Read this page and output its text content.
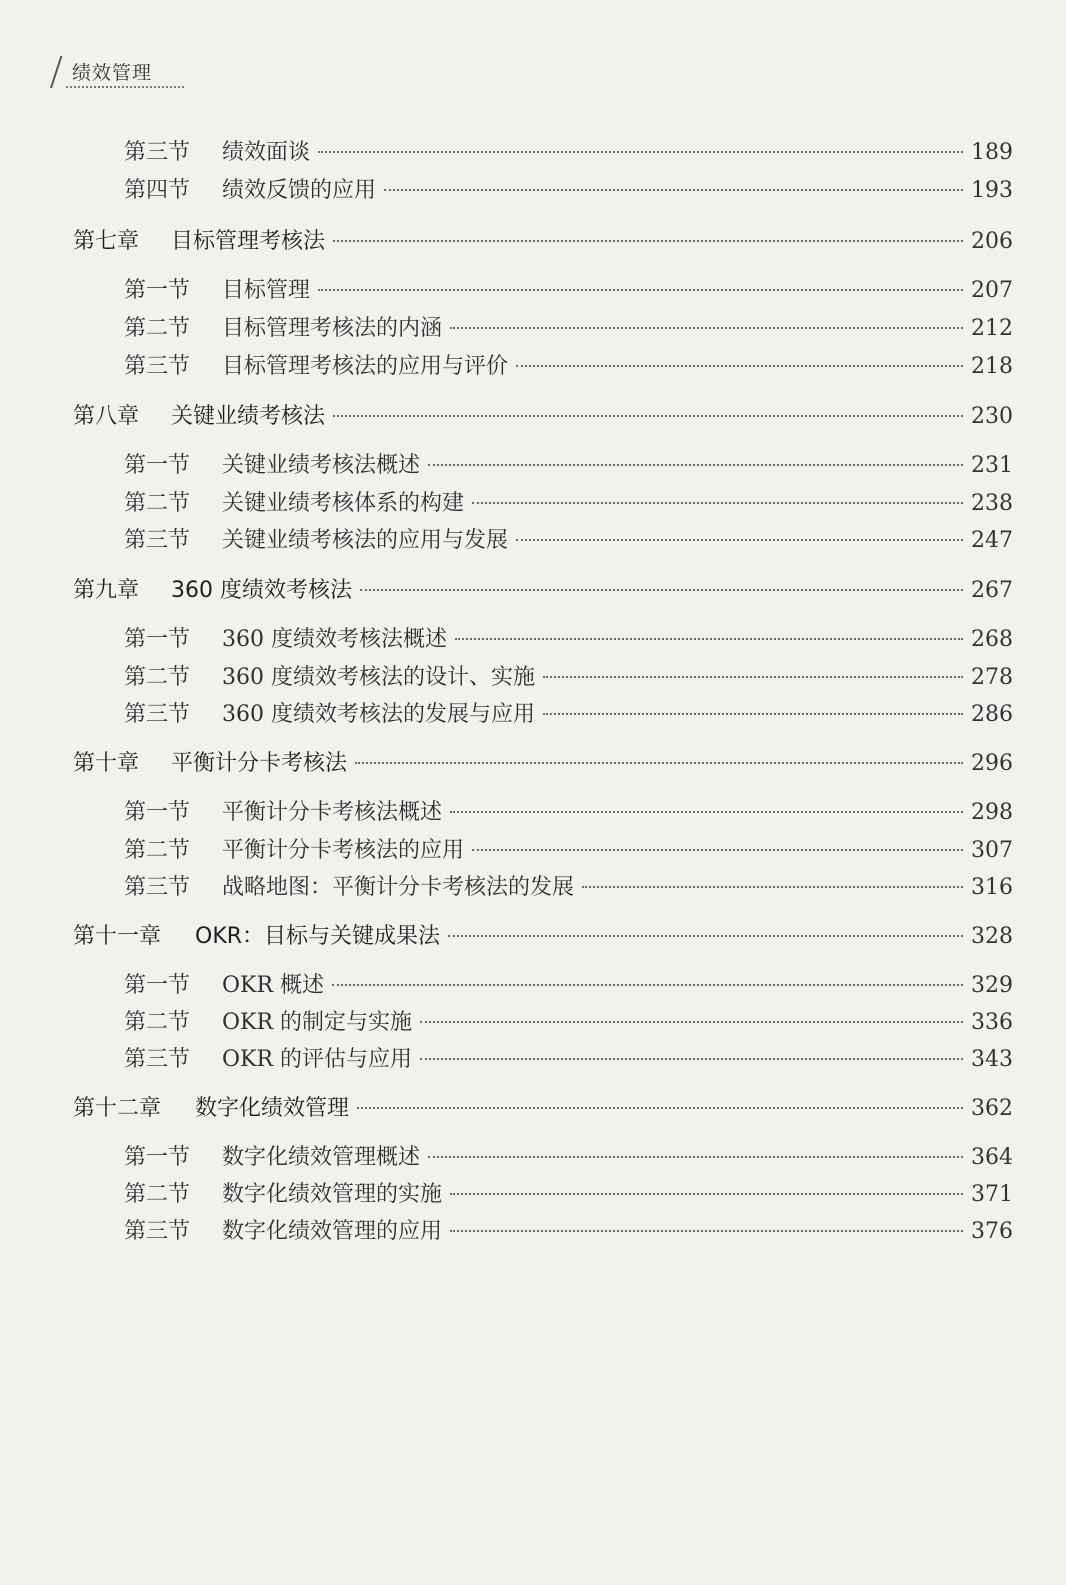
绩效管理
第三节	绩效面谈	189
第四节	绩效反馈的应用	193
第七章	目标管理考核法	206
第一节	目标管理	207
第二节	目标管理考核法的内涵	212
第三节	目标管理考核法的应用与评价	218
第八章	关键业绩考核法	230
第一节	关键业绩考核法概述	231
第二节	关键业绩考核体系的构建	238
第三节	关键业绩考核法的应用与发展	247
第九章	360 度绩效考核法	267
第一节	360 度绩效考核法概述	268
第二节	360 度绩效考核法的设计、实施	278
第三节	360 度绩效考核法的发展与应用	286
第十章	平衡计分卡考核法	296
第一节	平衡计分卡考核法概述	298
第二节	平衡计分卡考核法的应用	307
第三节	战略地图：平衡计分卡考核法的发展	316
第十一章	OKR：目标与关键成果法	328
第一节	OKR 概述	329
第二节	OKR 的制定与实施	336
第三节	OKR 的评估与应用	343
第十二章	数字化绩效管理	362
第一节	数字化绩效管理概述	364
第二节	数字化绩效管理的实施	371
第三节	数字化绩效管理的应用	376
